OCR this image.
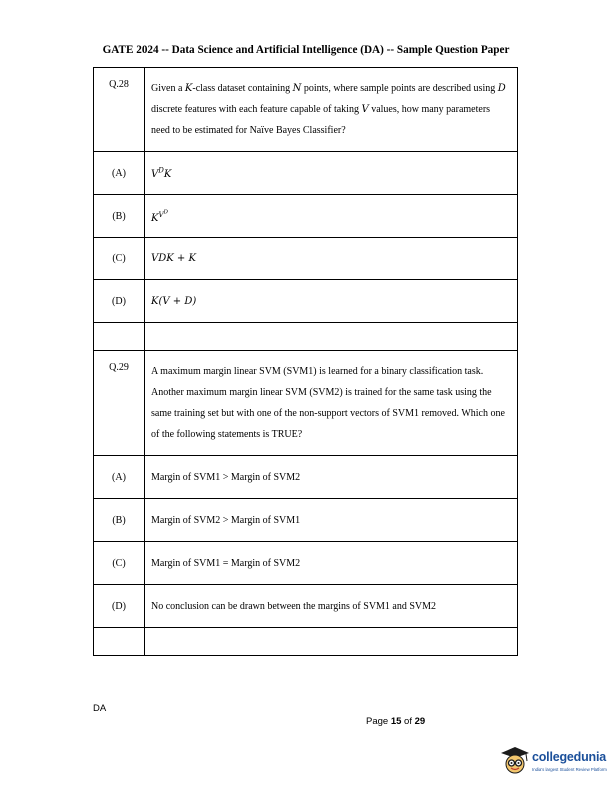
GATE 2024 -- Data Science and Artificial Intelligence (DA) -- Sample Question Paper
Q.28	Given a K-class dataset containing N points, where sample points are described using D discrete features with each feature capable of taking V values, how many parameters need to be estimated for Naïve Bayes Classifier?
(A)	$V^DK$
(B)	$K^{V^D}$
(C)	VDK + K
(D)	K(V + D)

Q.29	A maximum margin linear SVM (SVM1) is learned for a binary classification task. Another maximum margin linear SVM (SVM2) is trained for the same task using the same training set but with one of the non-support vectors of SVM1 removed. Which one of the following statements is TRUE?
(A)	Margin of SVM1 > Margin of SVM2
(B)	Margin of SVM2 > Margin of SVM1
(C)	Margin of SVM1 = Margin of SVM2
(D)	No conclusion can be drawn between the margins of SVM1 and SVM2

DA
Page 15 of 29
collegedunia
India's largest Student Review Platform
